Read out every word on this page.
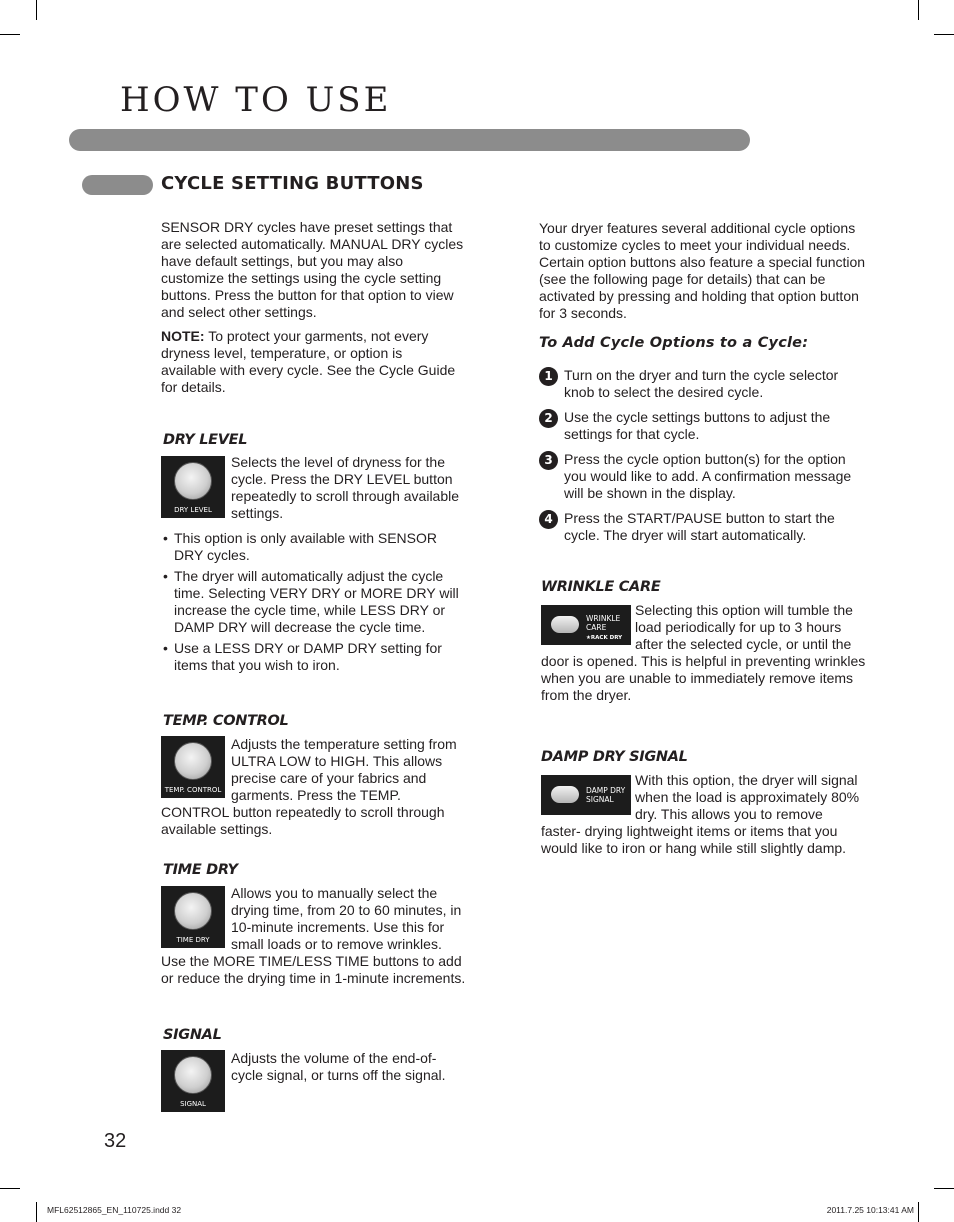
HOW TO USE
CYCLE SETTING BUTTONS
SENSOR DRY cycles have preset settings that are selected automatically. MANUAL DRY cycles have default settings, but you may also customize the settings using the cycle setting buttons. Press the button for that option to view and select other settings.
NOTE: To protect your garments, not every dryness level, temperature, or option is available with every cycle. See the Cycle Guide for details.
DRY LEVEL
DRY LEVEL
Selects the level of dryness for the cycle. Press the DRY LEVEL button repeatedly to scroll through available settings.
• This option is only available with SENSOR DRY cycles.
• The dryer will automatically adjust the cycle time. Selecting VERY DRY or MORE DRY will increase the cycle time, while LESS DRY or DAMP DRY will decrease the cycle time.
• Use a LESS DRY or DAMP DRY setting for items that you wish to iron.
TEMP. CONTROL
TEMP. CONTROL
Adjusts the temperature setting from ULTRA LOW to HIGH. This allows precise care of your fabrics and garments. Press the TEMP. CONTROL button repeatedly to scroll through available settings.
TIME DRY
TIME DRY
Allows you to manually select the drying time, from 20 to 60 minutes, in 10-minute increments. Use this for small loads or to remove wrinkles. Use the MORE TIME/LESS TIME buttons to add or reduce the drying time in 1-minute increments.
SIGNAL
SIGNAL
Adjusts the volume of the end-of-cycle signal, or turns off the signal.
Your dryer features several additional cycle options to customize cycles to meet your individual needs. Certain option buttons also feature a special function (see the following page for details) that can be activated by pressing and holding that option button for 3 seconds.
To Add Cycle Options to a Cycle:
1 Turn on the dryer and turn the cycle selector knob to select the desired cycle.
2 Use the cycle settings buttons to adjust the settings for that cycle.
3 Press the cycle option button(s) for the option you would like to add. A confirmation message will be shown in the display.
4 Press the START/PAUSE button to start the cycle. The dryer will start automatically.
WRINKLE CARE
WRINKLE
CARE
★RACK DRY
Selecting this option will tumble the load periodically for up to 3 hours after the selected cycle, or until the door is opened. This is helpful in preventing wrinkles when you are unable to immediately remove items from the dryer.
DAMP DRY SIGNAL
DAMP DRY
SIGNAL
With this option, the dryer will signal when the load is approximately 80% dry. This allows you to remove faster- drying lightweight items or items that you would like to iron or hang while still slightly damp.
32
MFL62512865_EN_110725.indd 32	2011.7.25 10:13:41 AM
